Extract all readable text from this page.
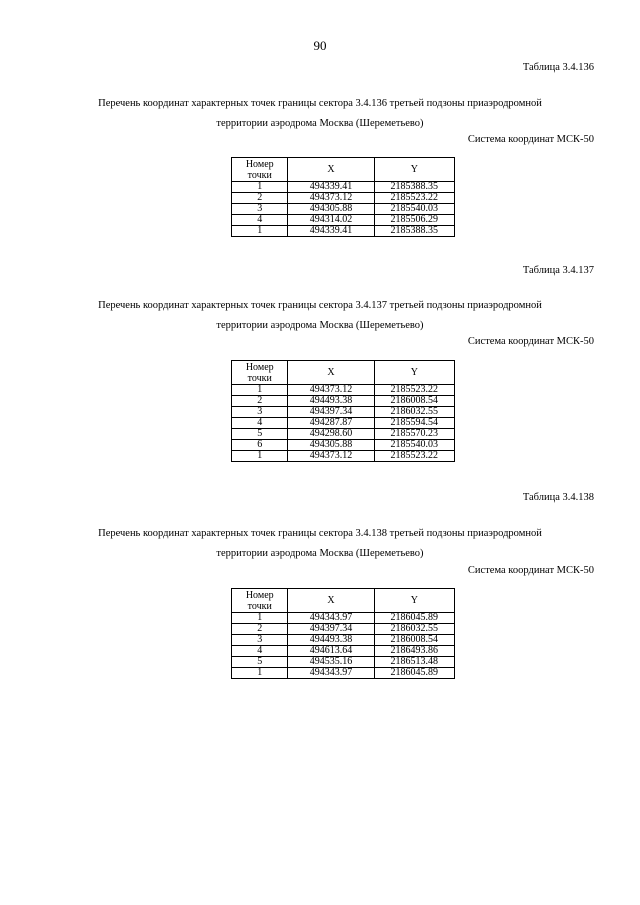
90
Таблица 3.4.136
Перечень координат характерных точек границы сектора 3.4.136 третьей подзоны приаэродромной
территории аэродрома Москва (Шереметьево)
Система координат МСК-50
Номер точки	X	Y
1	494339.41	2185388.35
2	494373.12	2185523.22
3	494305.88	2185540.03
4	494314.02	2185506.29
1	494339.41	2185388.35
Таблица 3.4.137
Перечень координат характерных точек границы сектора 3.4.137 третьей подзоны приаэродромной
территории аэродрома Москва (Шереметьево)
Система координат МСК-50
Номер точки	X	Y
1	494373.12	2185523.22
2	494493.38	2186008.54
3	494397.34	2186032.55
4	494287.87	2185594.54
5	494298.60	2185570.23
6	494305.88	2185540.03
1	494373.12	2185523.22
Таблица 3.4.138
Перечень координат характерных точек границы сектора 3.4.138 третьей подзоны приаэродромной
территории аэродрома Москва (Шереметьево)
Система координат МСК-50
Номер точки	X	Y
1	494343.97	2186045.89
2	494397.34	2186032.55
3	494493.38	2186008.54
4	494613.64	2186493.86
5	494535.16	2186513.48
1	494343.97	2186045.89
